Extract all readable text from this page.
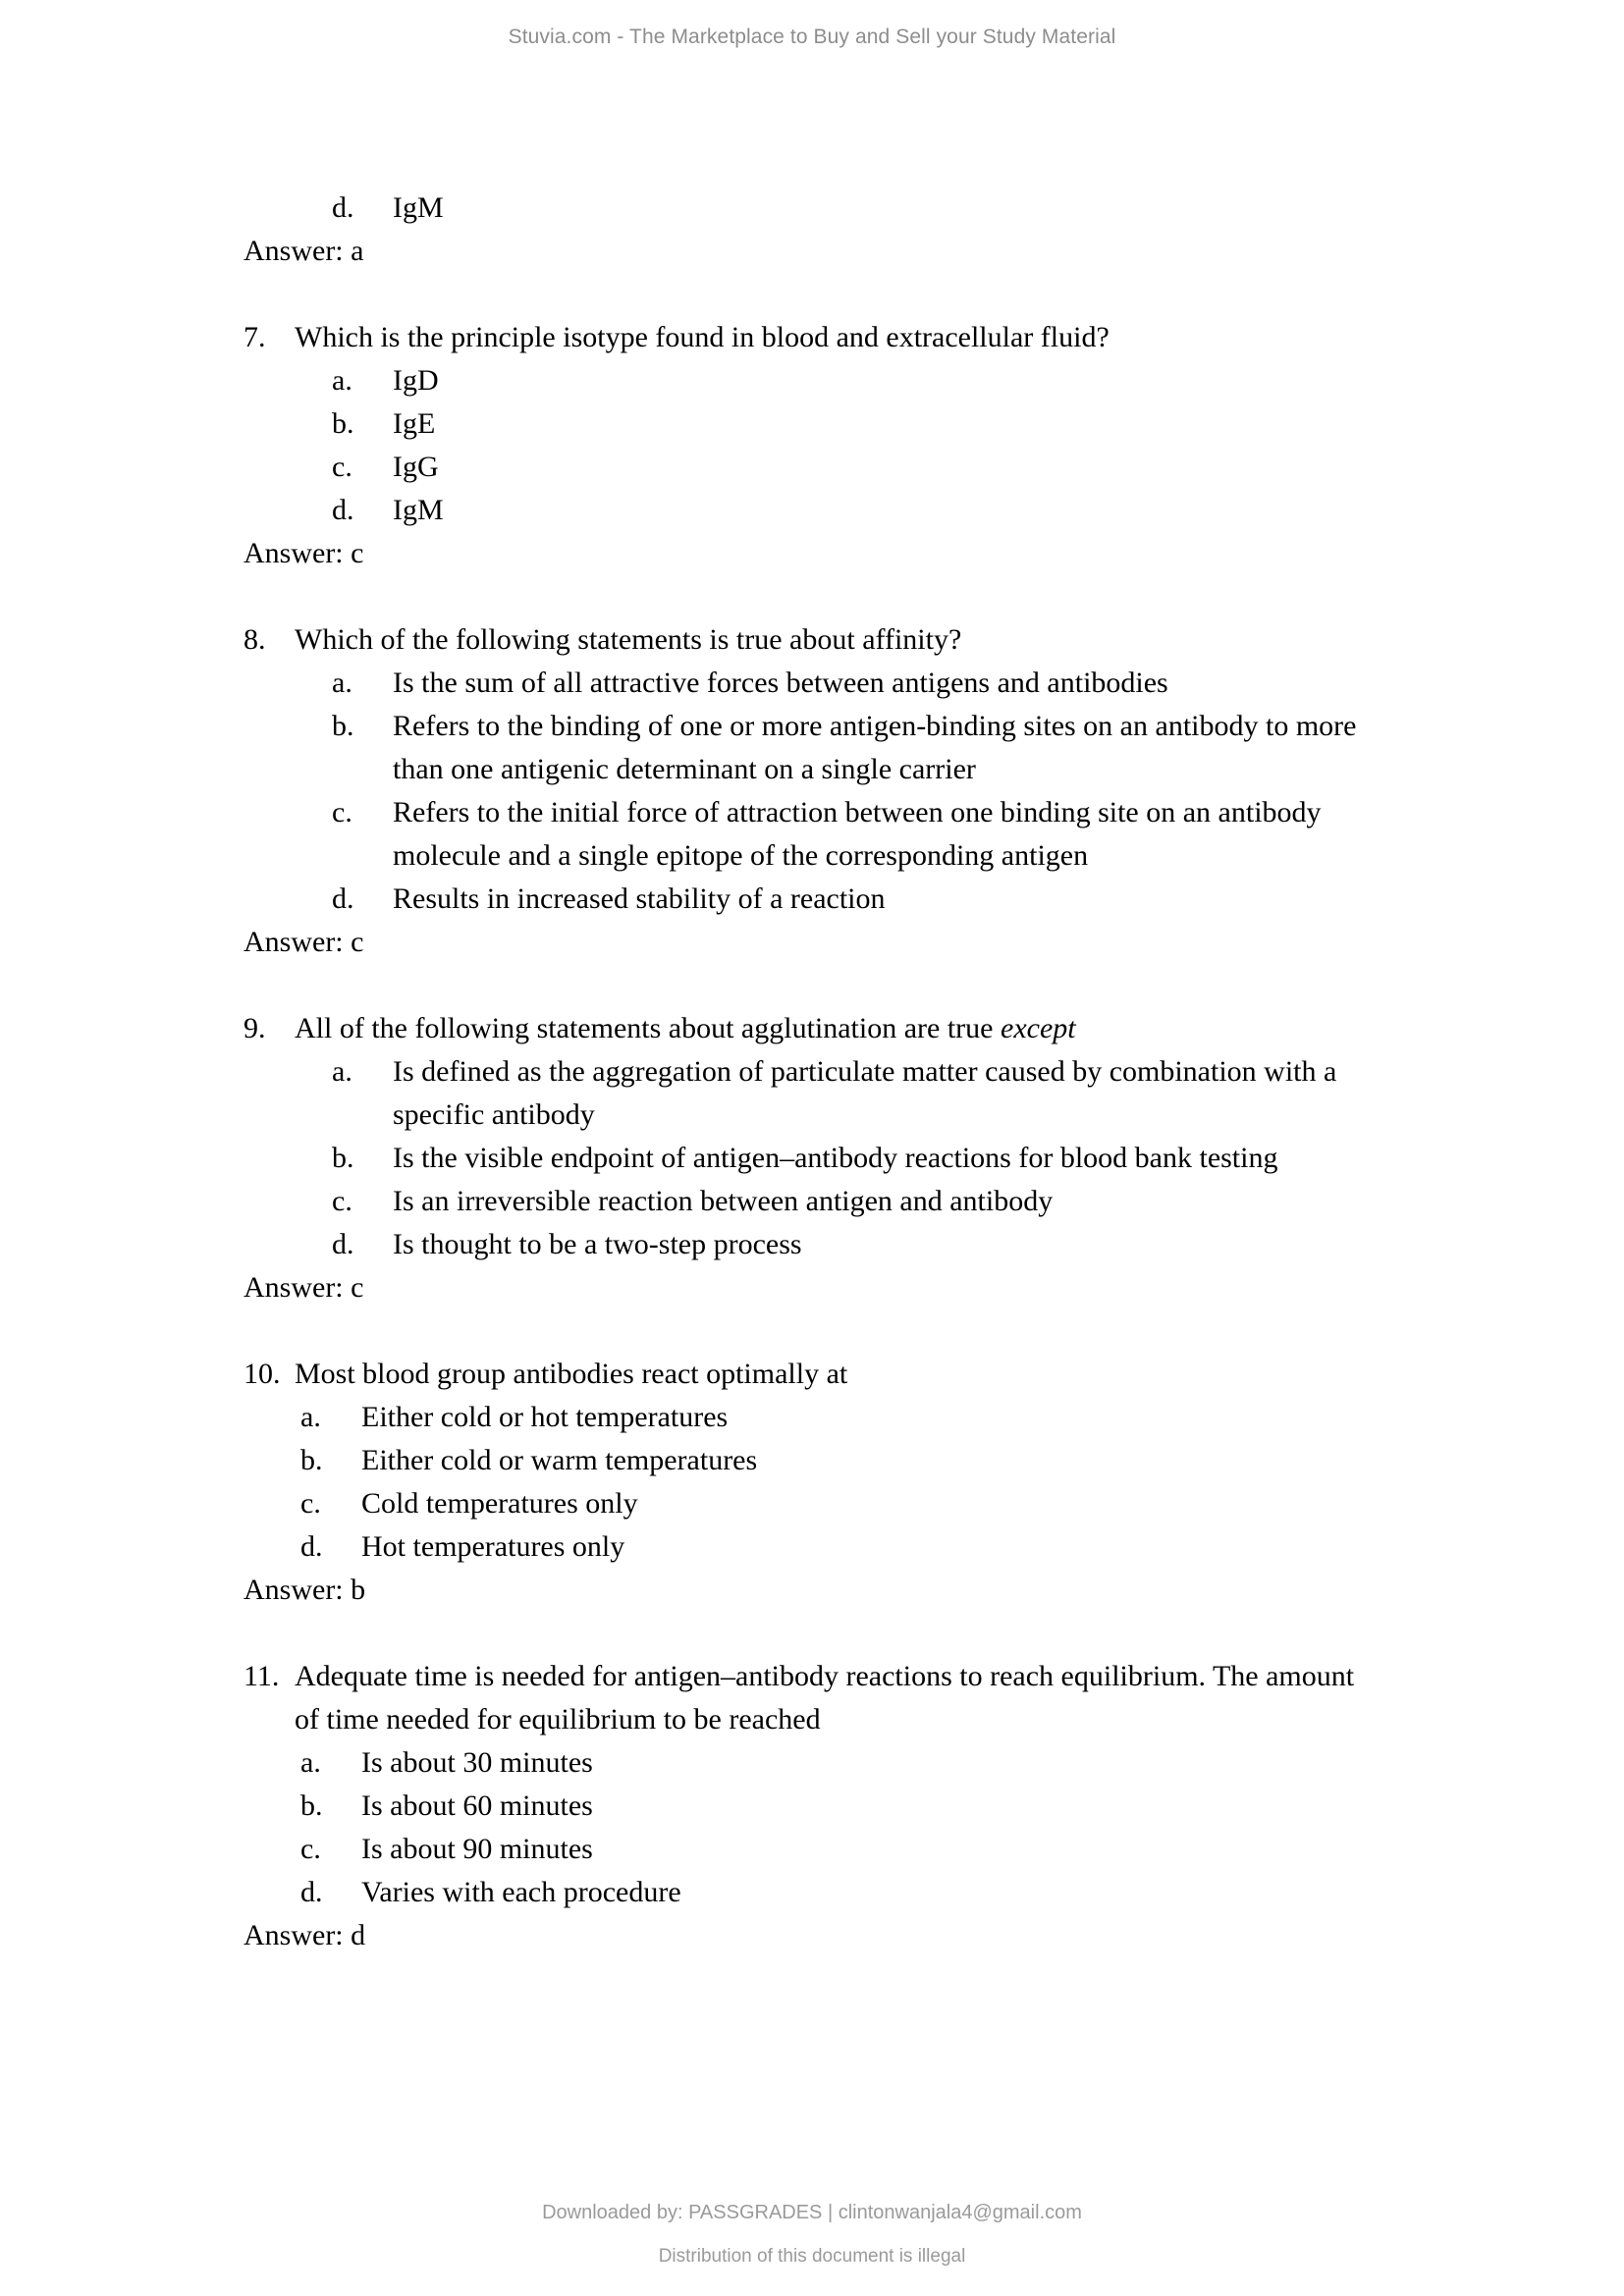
Stuvia.com - The Marketplace to Buy and Sell your Study Material
d.	IgM

Answer: a

7. Which is the principle isotype found in blood and extracellular fluid?

a.	IgD
b.	IgE
c.	IgG
d.	IgM

Answer: c

8. Which of the following statements is true about affinity?

a.	Is the sum of all attractive forces between antigens and antibodies
b.	Refers to the binding of one or more antigen-binding sites on an antibody to more than one antigenic determinant on a single carrier
c.	Refers to the initial force of attraction between one binding site on an antibody molecule and a single epitope of the corresponding antigen
d.	Results in increased stability of a reaction

Answer: c

9. All of the following statements about agglutination are true except

a.	Is defined as the aggregation of particulate matter caused by combination with a specific antibody
b.	Is the visible endpoint of antigen–antibody reactions for blood bank testing
c.	Is an irreversible reaction between antigen and antibody
d.	Is thought to be a two-step process

Answer: c

10. Most blood group antibodies react optimally at

a.	Either cold or hot temperatures
b.	Either cold or warm temperatures
c.	Cold temperatures only
d.	Hot temperatures only

Answer: b

11. Adequate time is needed for antigen–antibody reactions to reach equilibrium. The amount of time needed for equilibrium to be reached

a.	Is about 30 minutes
b.	Is about 60 minutes
c.	Is about 90 minutes
d.	Varies with each procedure

Answer: d

Downloaded by: PASSGRADES | clintonwanjala4@gmail.com
Distribution of this document is illegal
